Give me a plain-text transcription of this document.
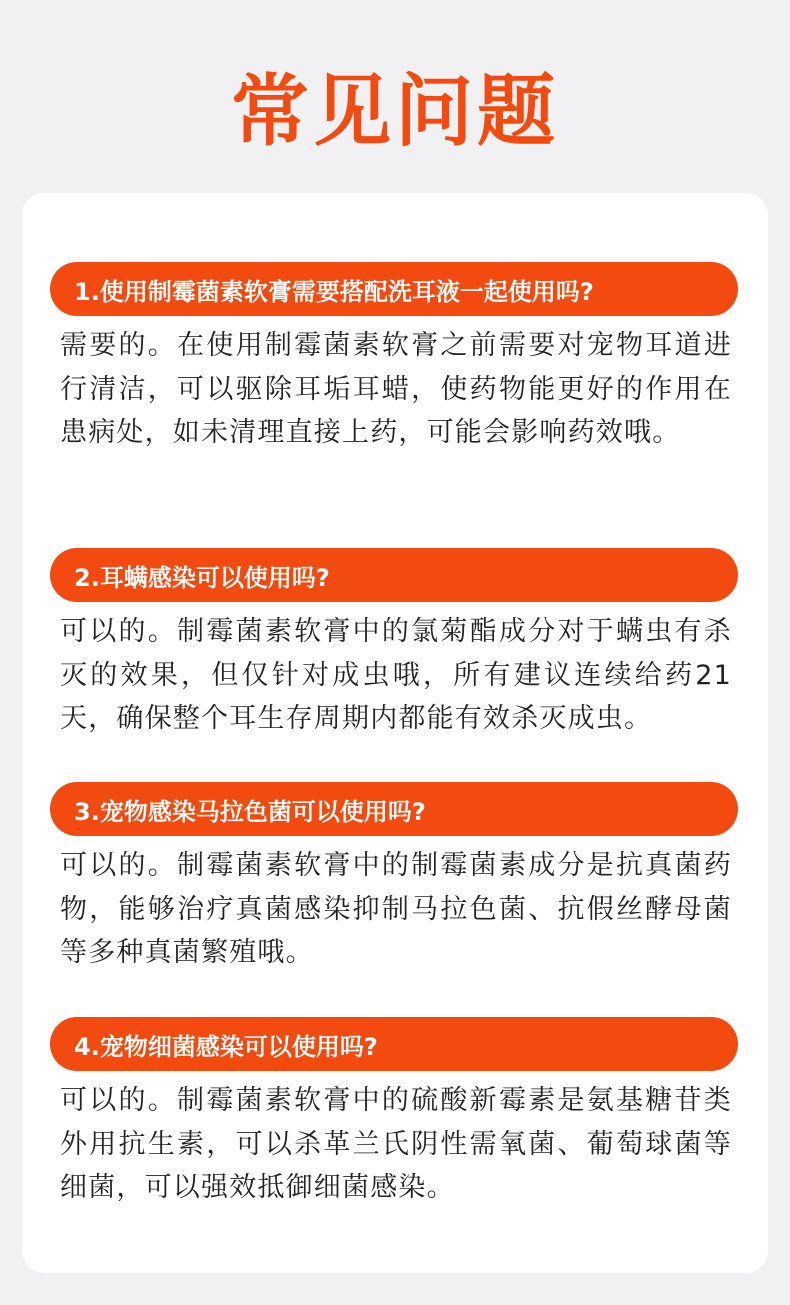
常见问题
1.使用制霉菌素软膏需要搭配洗耳液一起使用吗?

需要的。在使用制霉菌素软膏之前需要对宠物耳道进行清洁，可以驱除耳垢耳蜡，使药物能更好的作用在患病处，如未清理直接上药，可能会影响药效哦。

2.耳螨感染可以使用吗?

可以的。制霉菌素软膏中的氯菊酯成分对于螨虫有杀灭的效果，但仅针对成虫哦，所有建议连续给药21天，确保整个耳生存周期内都能有效杀灭成虫。

3.宠物感染马拉色菌可以使用吗?

可以的。制霉菌素软膏中的制霉菌素成分是抗真菌药物，能够治疗真菌感染抑制马拉色菌、抗假丝酵母菌等多种真菌繁殖哦。

4.宠物细菌感染可以使用吗?

可以的。制霉菌素软膏中的硫酸新霉素是氨基糖苷类外用抗生素，可以杀革兰氏阴性需氧菌、葡萄球菌等细菌，可以强效抵御细菌感染。
